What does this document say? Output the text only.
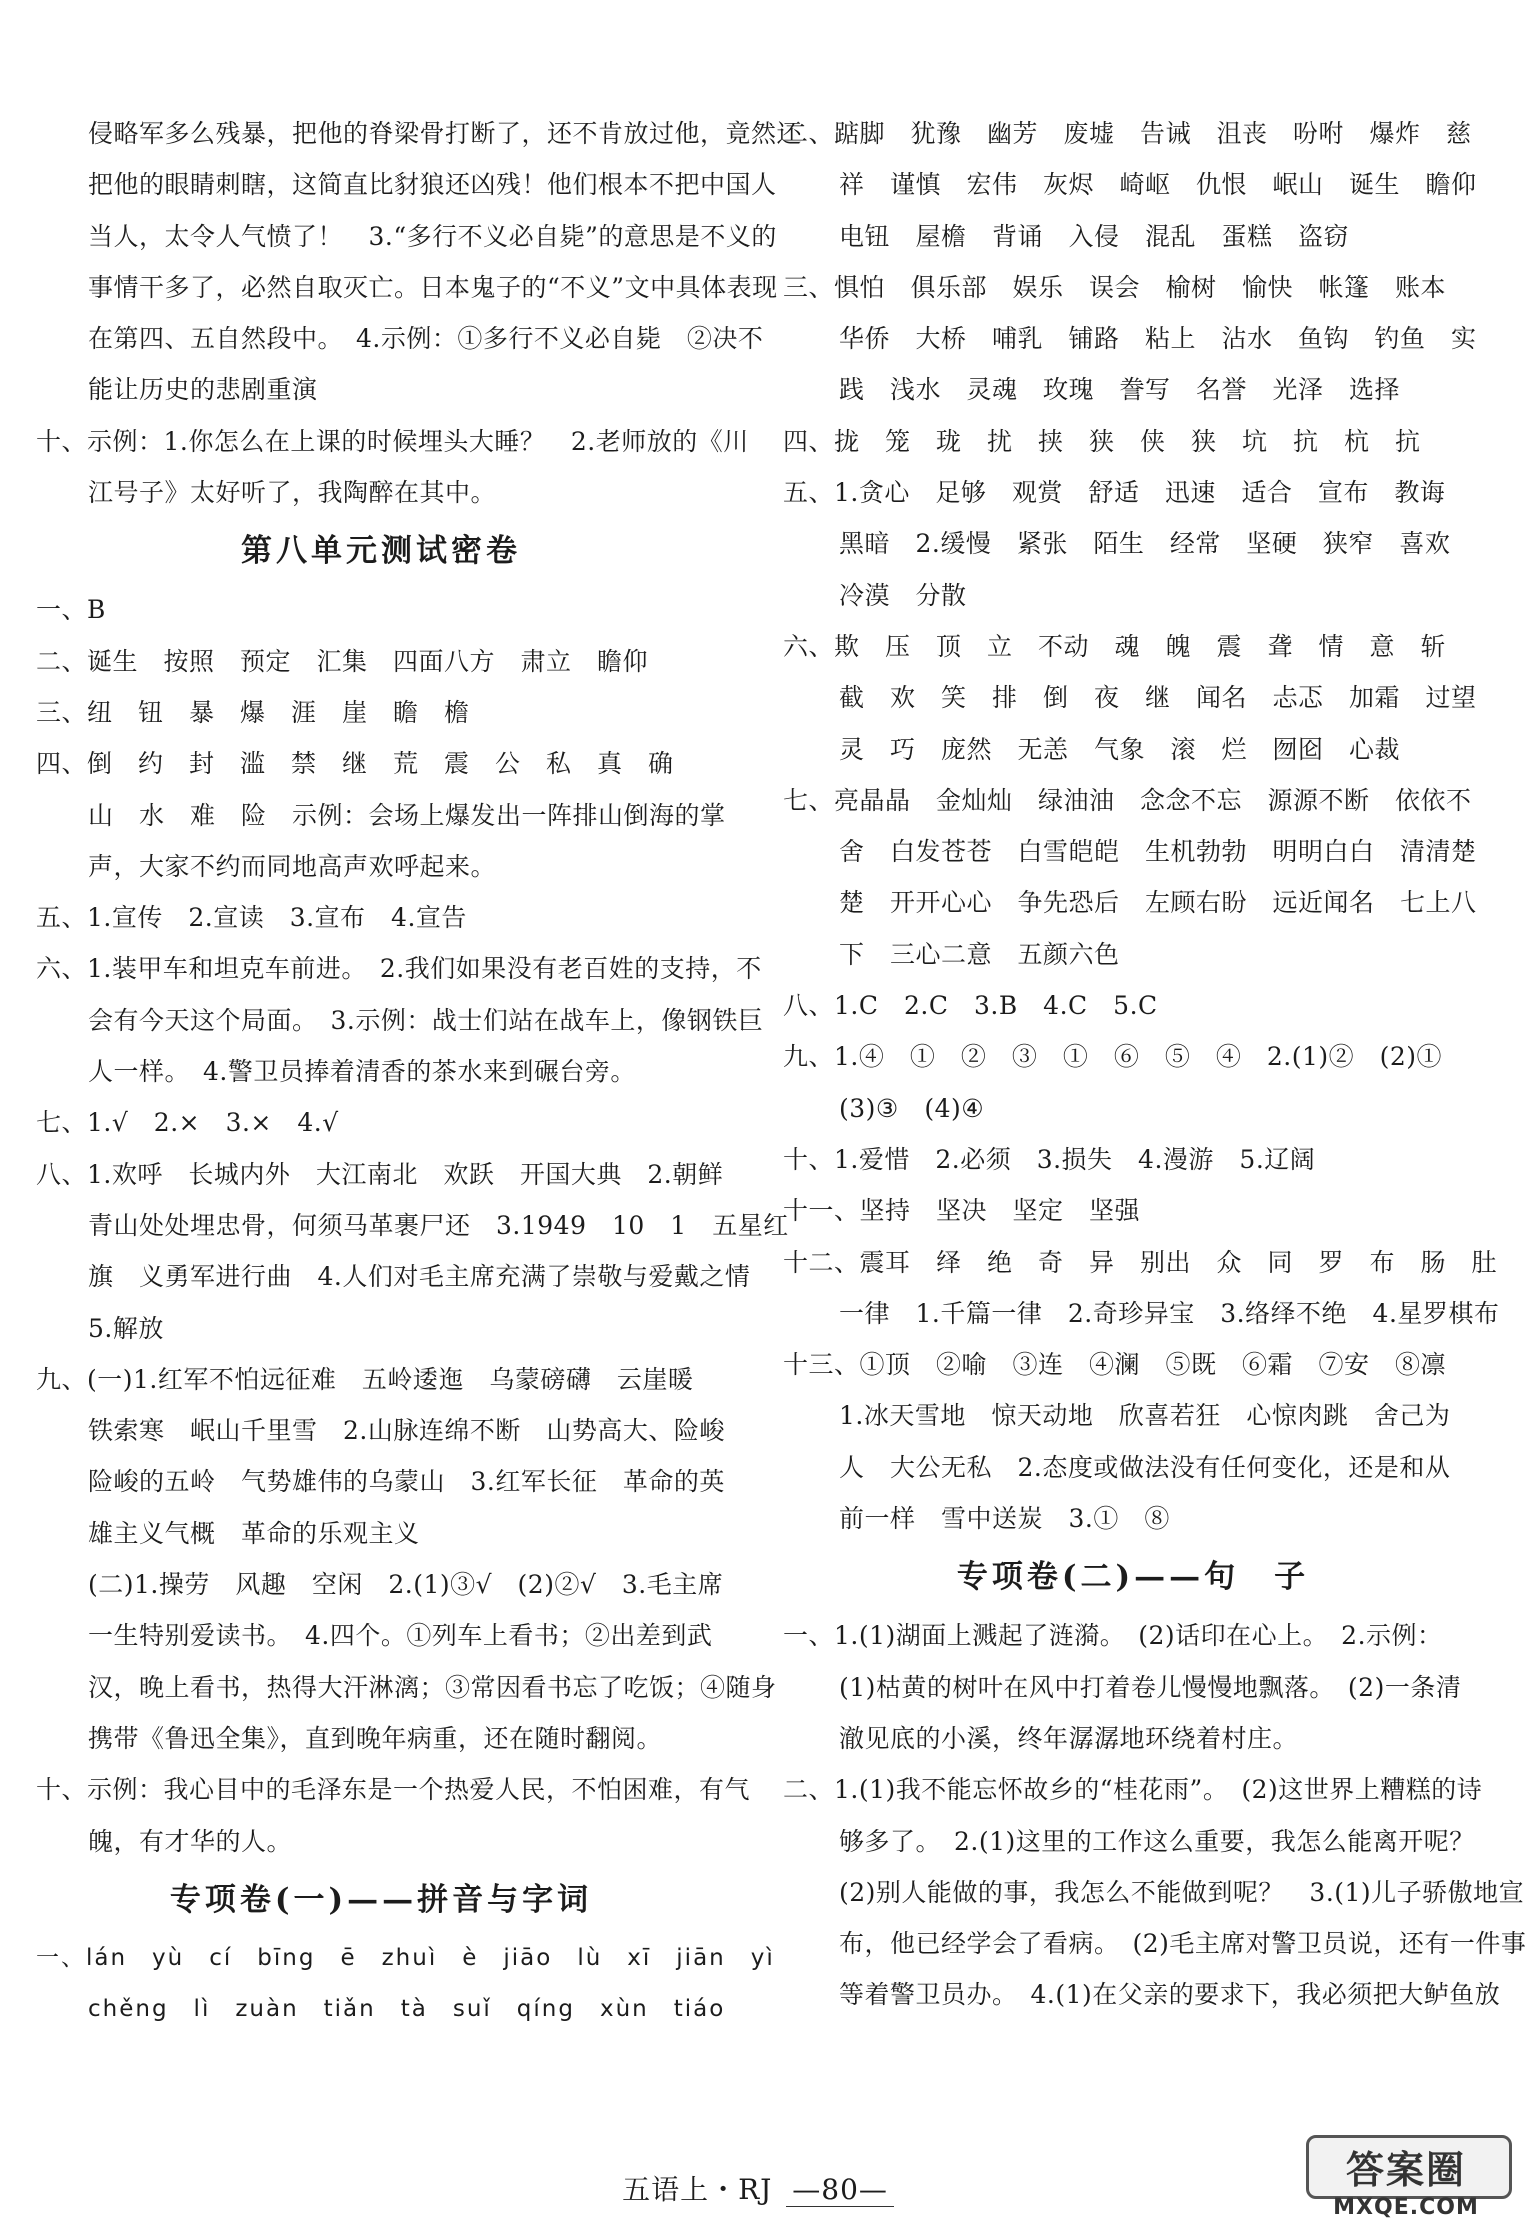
侵略军多么残暴，把他的脊梁骨打断了，还不肯放过他，竟然还
把他的眼睛刺瞎，这简直比豺狼还凶残！他们根本不把中国人
当人，太令人气愤了！　3.“多行不义必自毙”的意思是不义的
事情干多了，必然自取灭亡。日本鬼子的“不义”文中具体表现
在第四、五自然段中。　4.示例：①多行不义必自毙　②决不
能让历史的悲剧重演
十、示例：1.你怎么在上课的时候埋头大睡？　2.老师放的《川
江号子》太好听了，我陶醉在其中。
第八单元测试密卷
一、B
二、诞生　按照　预定　汇集　四面八方　肃立　瞻仰
三、纽　钮　暴　爆　涯　崖　瞻　檐
四、倒　约　封　滥　禁　继　荒　震　公　私　真　确
山　水　难　险　示例：会场上爆发出一阵排山倒海的掌
声，大家不约而同地高声欢呼起来。
五、1.宣传　2.宣读　3.宣布　4.宣告
六、1.装甲车和坦克车前进。　2.我们如果没有老百姓的支持，不
会有今天这个局面。　3.示例：战士们站在战车上，像钢铁巨
人一样。　4.警卫员捧着清香的茶水来到碾台旁。
七、1.√　2.×　3.×　4.√
八、1.欢呼　长城内外　大江南北　欢跃　开国大典　2.朝鲜
青山处处埋忠骨，何须马革裹尸还　3.1949　10　1　五星红
旗　义勇军进行曲　4.人们对毛主席充满了崇敬与爱戴之情
5.解放
九、(一)1.红军不怕远征难　五岭逶迤　乌蒙磅礴　云崖暖
铁索寒　岷山千里雪　2.山脉连绵不断　山势高大、险峻
险峻的五岭　气势雄伟的乌蒙山　3.红军长征　革命的英
雄主义气概　革命的乐观主义
(二)1.操劳　风趣　空闲　2.(1)③√　(2)②√　3.毛主席
一生特别爱读书。　4.四个。①列车上看书；②出差到武
汉，晚上看书，热得大汗淋漓；③常因看书忘了吃饭；④随身
携带《鲁迅全集》，直到晚年病重，还在随时翻阅。
十、示例：我心目中的毛泽东是一个热爱人民，不怕困难，有气
魄，有才华的人。
专项卷(一)——拼音与字词
一、lán　yù　cí　bīng　ē　zhuì　è　jiāo　lù　xī　jiān　yì
chěng　lì　zuàn　tiǎn　tà　suǐ　qíng　xùn　tiáo
二、踮脚　犹豫　幽芳　废墟　告诫　沮丧　吩咐　爆炸　慈
祥　谨慎　宏伟　灰烬　崎岖　仇恨　岷山　诞生　瞻仰
电钮　屋檐　背诵　入侵　混乱　蛋糕　盗窃
三、惧怕　俱乐部　娱乐　误会　榆树　愉快　帐篷　账本
华侨　大桥　哺乳　铺路　粘上　沾水　鱼钩　钓鱼　实
践　浅水　灵魂　玫瑰　誊写　名誉　光泽　选择
四、拢　笼　珑　扰　挟　狭　侠　狭　坑　抗　杭　抗
五、1.贪心　足够　观赏　舒适　迅速　适合　宣布　教诲
黑暗　2.缓慢　紧张　陌生　经常　坚硬　狭窄　喜欢
冷漠　分散
六、欺　压　顶　立　不动　魂　魄　震　聋　情　意　斩
截　欢　笑　排　倒　夜　继　闻名　忐忑　加霜　过望
灵　巧　庞然　无恙　气象　滚　烂　囫囵　心裁
七、亮晶晶　金灿灿　绿油油　念念不忘　源源不断　依依不
舍　白发苍苍　白雪皑皑　生机勃勃　明明白白　清清楚
楚　开开心心　争先恐后　左顾右盼　远近闻名　七上八
下　三心二意　五颜六色
八、1.C　2.C　3.B　4.C　5.C
九、1.④　①　②　③　①　⑥　⑤　④　2.(1)②　(2)①
(3)③　(4)④
十、1.爱惜　2.必须　3.损失　4.漫游　5.辽阔
十一、坚持　坚决　坚定　坚强
十二、震耳　绎　绝　奇　异　别出　众　同　罗　布　肠　肚
一律　1.千篇一律　2.奇珍异宝　3.络绎不绝　4.星罗棋布
十三、①顶　②喻　③连　④澜　⑤既　⑥霜　⑦安　⑧凛
1.冰天雪地　惊天动地　欣喜若狂　心惊肉跳　舍己为
人　大公无私　2.态度或做法没有任何变化，还是和从
前一样　雪中送炭　3.①　⑧
专项卷(二)——句　子
一、1.(1)湖面上溅起了涟漪。　(2)话印在心上。　2.示例：
(1)枯黄的树叶在风中打着卷儿慢慢地飘落。　(2)一条清
澈见底的小溪，终年潺潺地环绕着村庄。
二、1.(1)我不能忘怀故乡的“桂花雨”。　(2)这世界上糟糕的诗
够多了。　2.(1)这里的工作这么重要，我怎么能离开呢？
(2)别人能做的事，我怎么不能做到呢？　3.(1)儿子骄傲地宣
布，他已经学会了看病。　(2)毛主席对警卫员说，还有一件事
等着警卫员办。　4.(1)在父亲的要求下，我必须把大鲈鱼放
五语上・RJ —80—	答案圈
MXQE.COM
